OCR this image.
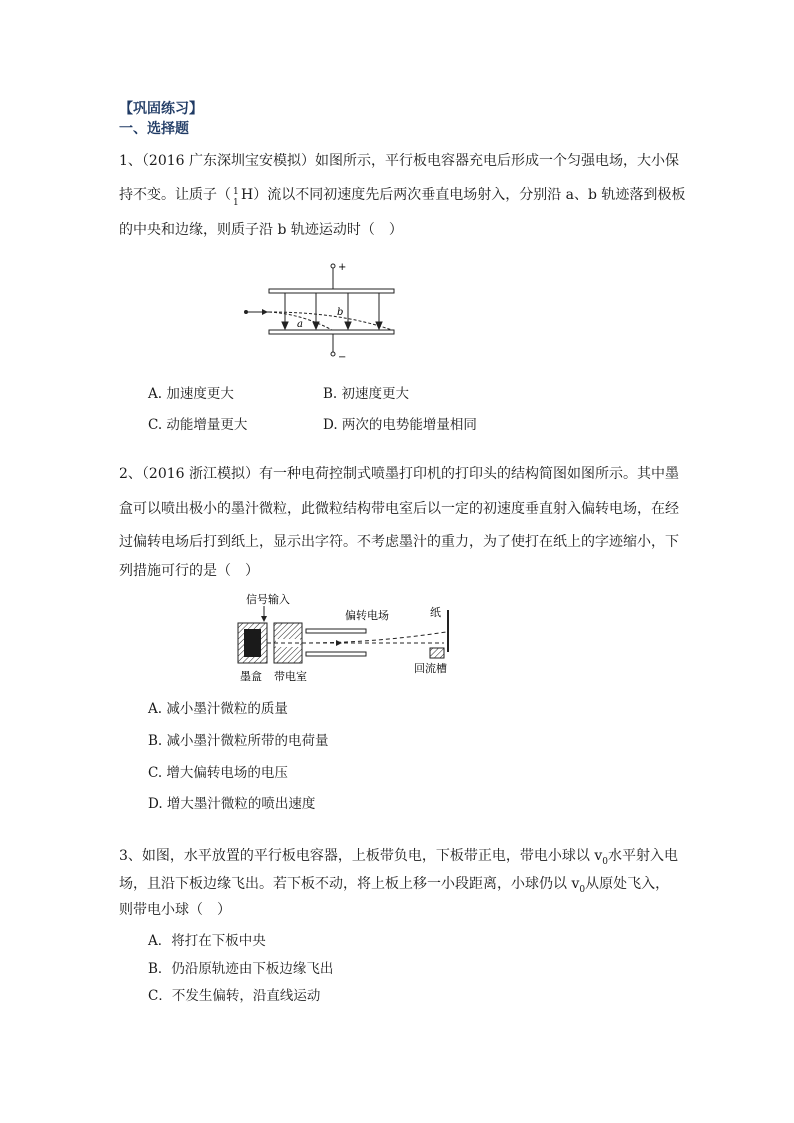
【巩固练习】
一、选择题
1、（2016 广东深圳宝安模拟）如图所示，平行板电容器充电后形成一个匀强电场，大小保
持不变。让质子（ 1
1 H）流以不同初速度先后两次垂直电场射入，分别沿 a、b 轨迹落到极板
的中央和边缘，则质子沿 b 轨迹运动时（　）
+
−
a
b
A. 加速度更大	B. 初速度更大
C. 动能增量更大	D. 两次的电势能增量相同
2、（2016 浙江模拟）有一种电荷控制式喷墨打印机的打印头的结构简图如图所示。其中墨
盒可以喷出极小的墨汁微粒，此微粒结构带电室后以一定的初速度垂直射入偏转电场，在经
过偏转电场后打到纸上，显示出字符。不考虑墨汁的重力，为了使打在纸上的字迹缩小，下
列措施可行的是（　）
信号输入
偏转电场	纸
墨盒 带电室
回流槽
A. 减小墨汁微粒的质量
B. 减小墨汁微粒所带的电荷量
C. 增大偏转电场的电压
D. 增大墨汁微粒的喷出速度
3、如图，水平放置的平行板电容器，上板带负电，下板带正电，带电小球以 $v_0$水平射入电
场，且沿下板边缘飞出。若下板不动，将上板上移一小段距离，小球仍以 $v_0$从原处飞入，
则带电小球（　）
A．将打在下板中央
B．仍沿原轨迹由下板边缘飞出
C．不发生偏转，沿直线运动
